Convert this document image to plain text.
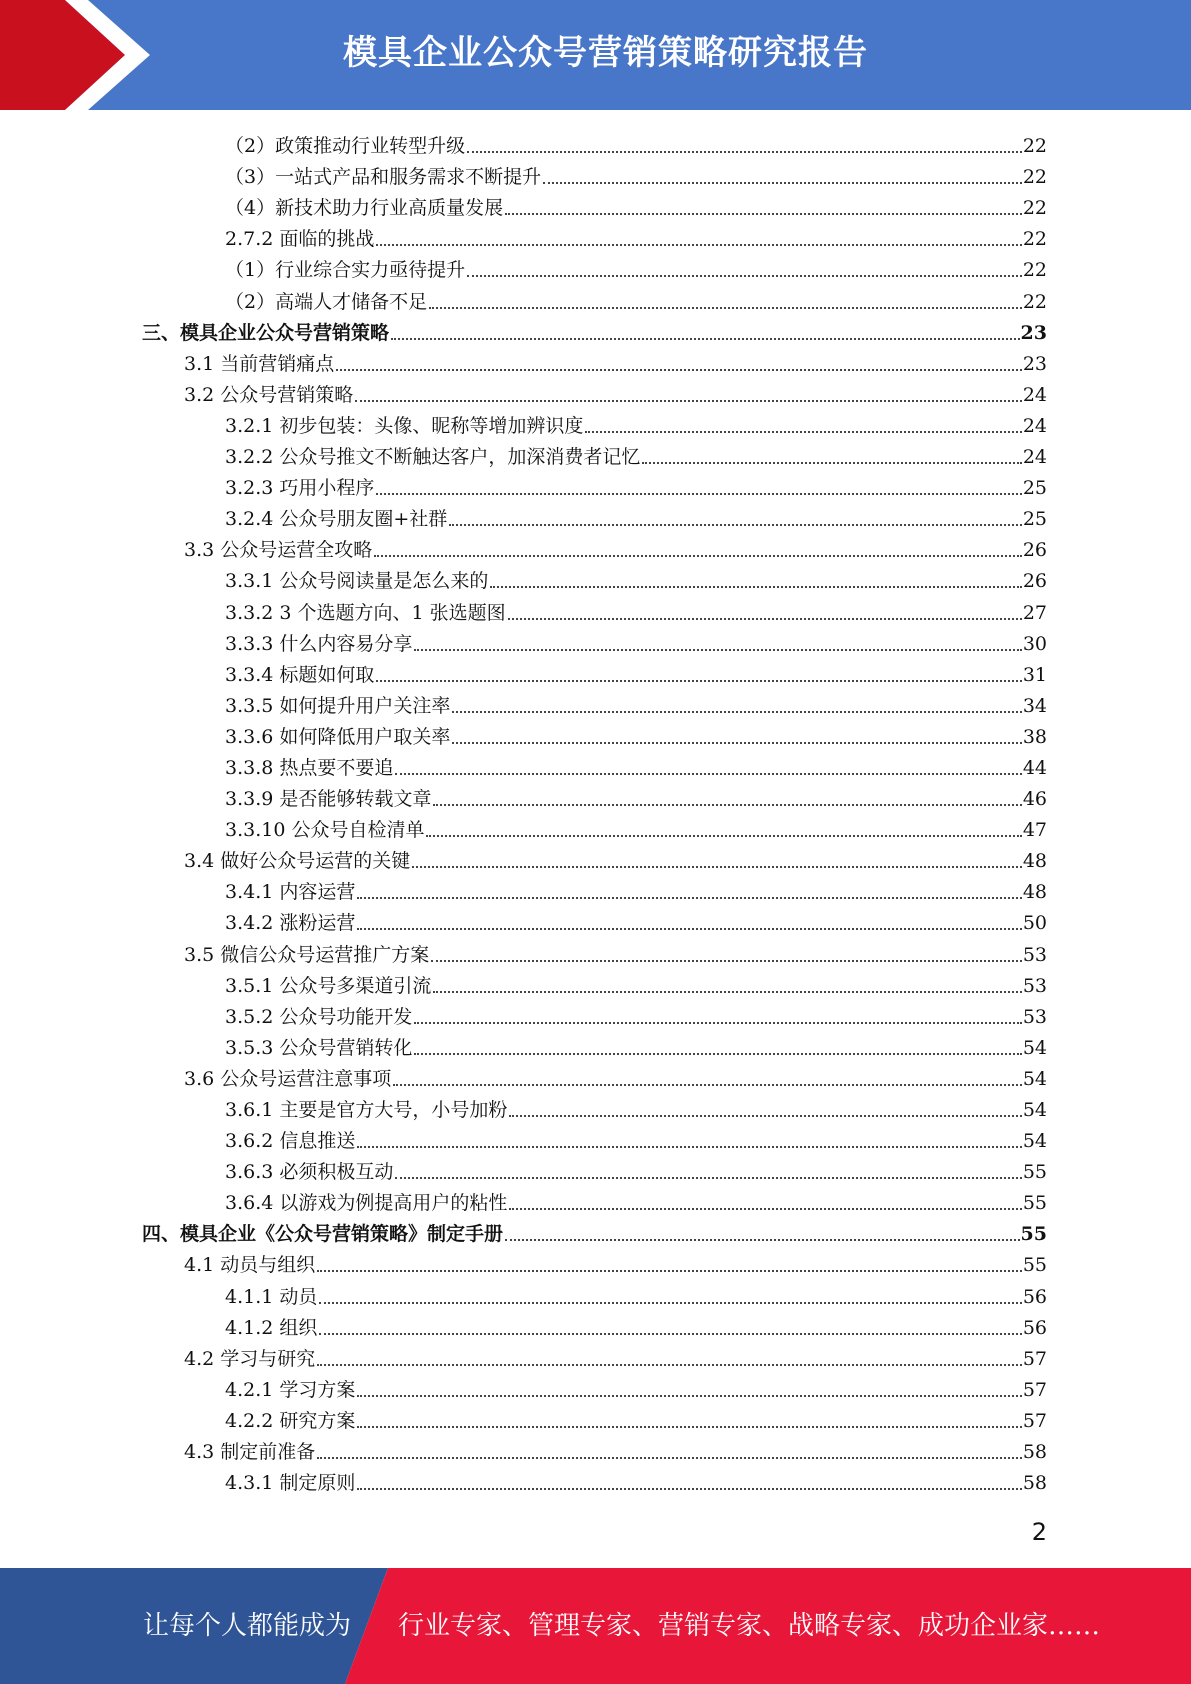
模具企业公众号营销策略研究报告
（2）政策推动行业转型升级	22
（3）一站式产品和服务需求不断提升	22
（4）新技术助力行业高质量发展	22
2.7.2 面临的挑战	22
（1）行业综合实力亟待提升	22
（2）高端人才储备不足	22
三、模具企业公众号营销策略	23
3.1 当前营销痛点	23
3.2 公众号营销策略	24
3.2.1 初步包装：头像、昵称等增加辨识度	24
3.2.2 公众号推文不断触达客户，加深消费者记忆	24
3.2.3 巧用小程序	25
3.2.4 公众号朋友圈+社群	25
3.3 公众号运营全攻略	26
3.3.1 公众号阅读量是怎么来的	26
3.3.2 3 个选题方向、1 张选题图	27
3.3.3 什么内容易分享	30
3.3.4 标题如何取	31
3.3.5 如何提升用户关注率	34
3.3.6 如何降低用户取关率	38
3.3.8 热点要不要追	44
3.3.9 是否能够转载文章	46
3.3.10 公众号自检清单	47
3.4 做好公众号运营的关键	48
3.4.1 内容运营	48
3.4.2 涨粉运营	50
3.5 微信公众号运营推广方案	53
3.5.1 公众号多渠道引流	53
3.5.2 公众号功能开发	53
3.5.3 公众号营销转化	54
3.6 公众号运营注意事项	54
3.6.1 主要是官方大号，小号加粉	54
3.6.2 信息推送	54
3.6.3 必须积极互动	55
3.6.4 以游戏为例提高用户的粘性	55
四、模具企业《公众号营销策略》制定手册	55
4.1 动员与组织	55
4.1.1 动员	56
4.1.2 组织	56
4.2 学习与研究	57
4.2.1 学习方案	57
4.2.2 研究方案	57
4.3 制定前准备	58
4.3.1 制定原则	58
2
让每个人都能成为 行业专家、管理专家、营销专家、战略专家、成功企业家……
